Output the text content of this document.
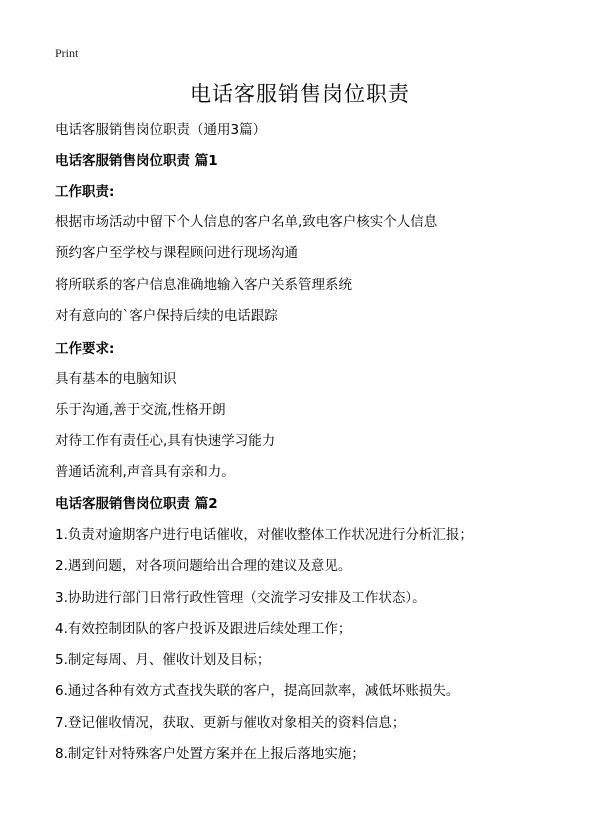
Print
电话客服销售岗位职责
电话客服销售岗位职责（通用3篇）
电话客服销售岗位职责 篇1
工作职责:
根据市场活动中留下个人信息的客户名单,致电客户核实个人信息
预约客户至学校与课程顾问进行现场沟通
将所联系的客户信息准确地输入客户关系管理系统
对有意向的`客户保持后续的电话跟踪
工作要求:
具有基本的电脑知识
乐于沟通,善于交流,性格开朗
对待工作有责任心,具有快速学习能力
普通话流利,声音具有亲和力。
电话客服销售岗位职责 篇2
1.负责对逾期客户进行电话催收，对催收整体工作状况进行分析汇报；
2.遇到问题，对各项问题给出合理的建议及意见。
3.协助进行部门日常行政性管理（交流学习安排及工作状态）。
4.有效控制团队的客户投诉及跟进后续处理工作；
5.制定每周、月、催收计划及目标；
6.通过各种有效方式查找失联的客户，提高回款率，减低坏账损失。
7.登记催收情况，获取、更新与催收对象相关的资料信息；
8.制定针对特殊客户处置方案并在上报后落地实施；
